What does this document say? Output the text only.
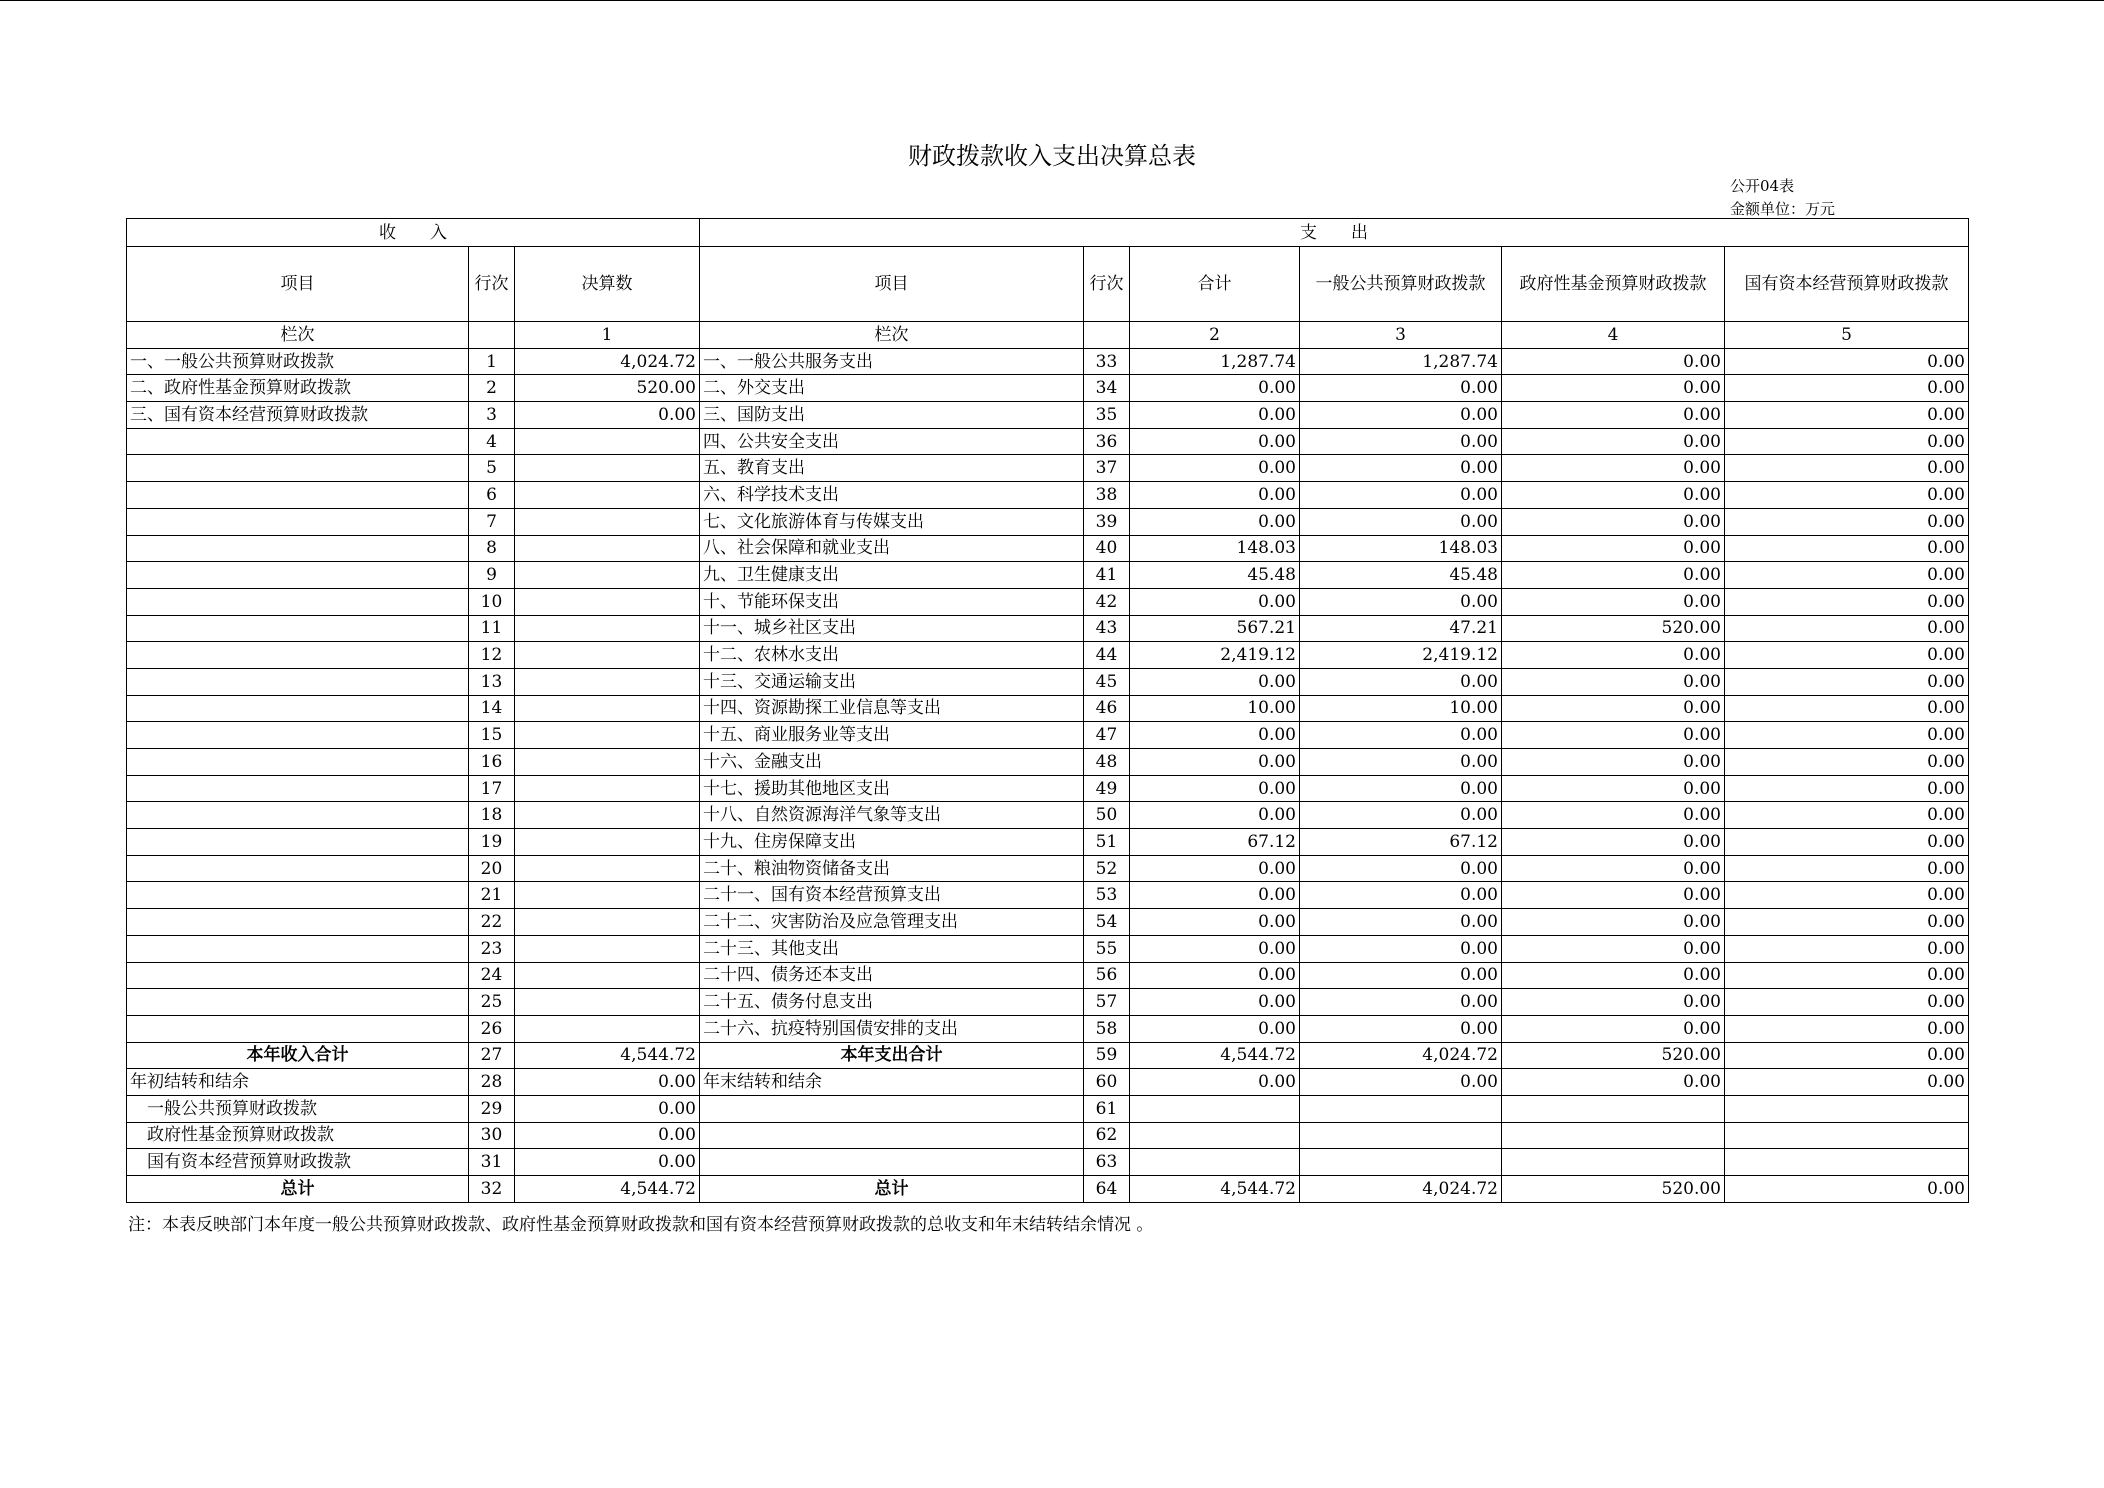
财政拨款收入支出决算总表
公开04表
金额单位：万元
收　　入			支　　出					
项目	行次	决算数	项目	行次	合计	一般公共预算财政拨款	政府性基金预算财政拨款	国有资本经营预算财政拨款
栏次		1	栏次		2	3	4	5
一、一般公共预算财政拨款	1	4,024.72	一、一般公共服务支出	33	1,287.74	1,287.74	0.00	0.00
二、政府性基金预算财政拨款	2	520.00	二、外交支出	34	0.00	0.00	0.00	0.00
三、国有资本经营预算财政拨款	3	0.00	三、国防支出	35	0.00	0.00	0.00	0.00
	4		四、公共安全支出	36	0.00	0.00	0.00	0.00
	5		五、教育支出	37	0.00	0.00	0.00	0.00
	6		六、科学技术支出	38	0.00	0.00	0.00	0.00
	7		七、文化旅游体育与传媒支出	39	0.00	0.00	0.00	0.00
	8		八、社会保障和就业支出	40	148.03	148.03	0.00	0.00
	9		九、卫生健康支出	41	45.48	45.48	0.00	0.00
	10		十、节能环保支出	42	0.00	0.00	0.00	0.00
	11		十一、城乡社区支出	43	567.21	47.21	520.00	0.00
	12		十二、农林水支出	44	2,419.12	2,419.12	0.00	0.00
	13		十三、交通运输支出	45	0.00	0.00	0.00	0.00
	14		十四、资源勘探工业信息等支出	46	10.00	10.00	0.00	0.00
	15		十五、商业服务业等支出	47	0.00	0.00	0.00	0.00
	16		十六、金融支出	48	0.00	0.00	0.00	0.00
	17		十七、援助其他地区支出	49	0.00	0.00	0.00	0.00
	18		十八、自然资源海洋气象等支出	50	0.00	0.00	0.00	0.00
	19		十九、住房保障支出	51	67.12	67.12	0.00	0.00
	20		二十、粮油物资储备支出	52	0.00	0.00	0.00	0.00
	21		二十一、国有资本经营预算支出	53	0.00	0.00	0.00	0.00
	22		二十二、灾害防治及应急管理支出	54	0.00	0.00	0.00	0.00
	23		二十三、其他支出	55	0.00	0.00	0.00	0.00
	24		二十四、债务还本支出	56	0.00	0.00	0.00	0.00
	25		二十五、债务付息支出	57	0.00	0.00	0.00	0.00
	26		二十六、抗疫特别国债安排的支出	58	0.00	0.00	0.00	0.00
本年收入合计	27	4,544.72	本年支出合计	59	4,544.72	4,024.72	520.00	0.00
年初结转和结余	28	0.00	年末结转和结余	60	0.00	0.00	0.00	0.00
一般公共预算财政拨款	29	0.00		61				
政府性基金预算财政拨款	30	0.00		62				
国有资本经营预算财政拨款	31	0.00		63				
总计	32	4,544.72	总计	64	4,544.72	4,024.72	520.00	0.00
注：本表反映部门本年度一般公共预算财政拨款、政府性基金预算财政拨款和国有资本经营预算财政拨款的总收支和年末结转结余情况 。
